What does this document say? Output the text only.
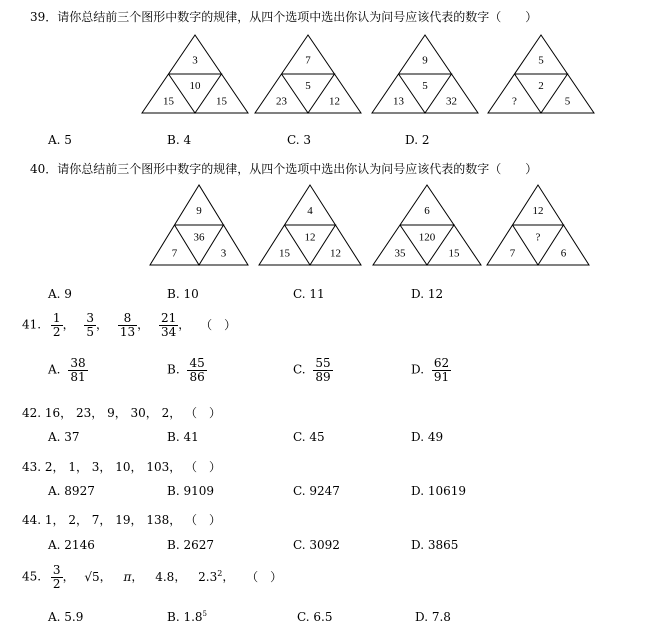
39．请你总结前三个图形中数字的规律，从四个选项中选出你认为问号应该代表的数字（　　）
3
10
15	15
7
5
23	12
9
5
13	32
5
2
?	5
9
36
7	3
4
12
15	12
6
120
35	15
12
?
7	6
A. 5	B. 4	C. 3	D. 2
40．请你总结前三个图形中数字的规律，从四个选项中选出你认为问号应该代表的数字（　　）
A. 9	B. 10	C. 11	D. 12
41. $\frac{1}{2}$ ， $\frac{3}{5}$ ， $\frac{8}{13}$ ， $\frac{21}{34}$ ， （　）
A. $\frac{38}{81}$	B. $\frac{45}{86}$	C. $\frac{55}{89}$	D. $\frac{62}{91}$
42. 16， 23， 9， 30， 2， （　）
A. 37	B. 41	C. 45	D. 49
43. 2， 1， 3， 10， 103， （　）
A. 8927	B. 9109	C. 9247	D. 10619
44. 1， 2， 7， 19， 138， （　）
A. 2146	B. 2627	C. 3092	D. 3865
45. $\frac{3}{2}$ ， √5， π， 4.8， $2.3^2$， （　）
A. 5.9	B. $1.8^5$	C. 6.5	D. 7.8
